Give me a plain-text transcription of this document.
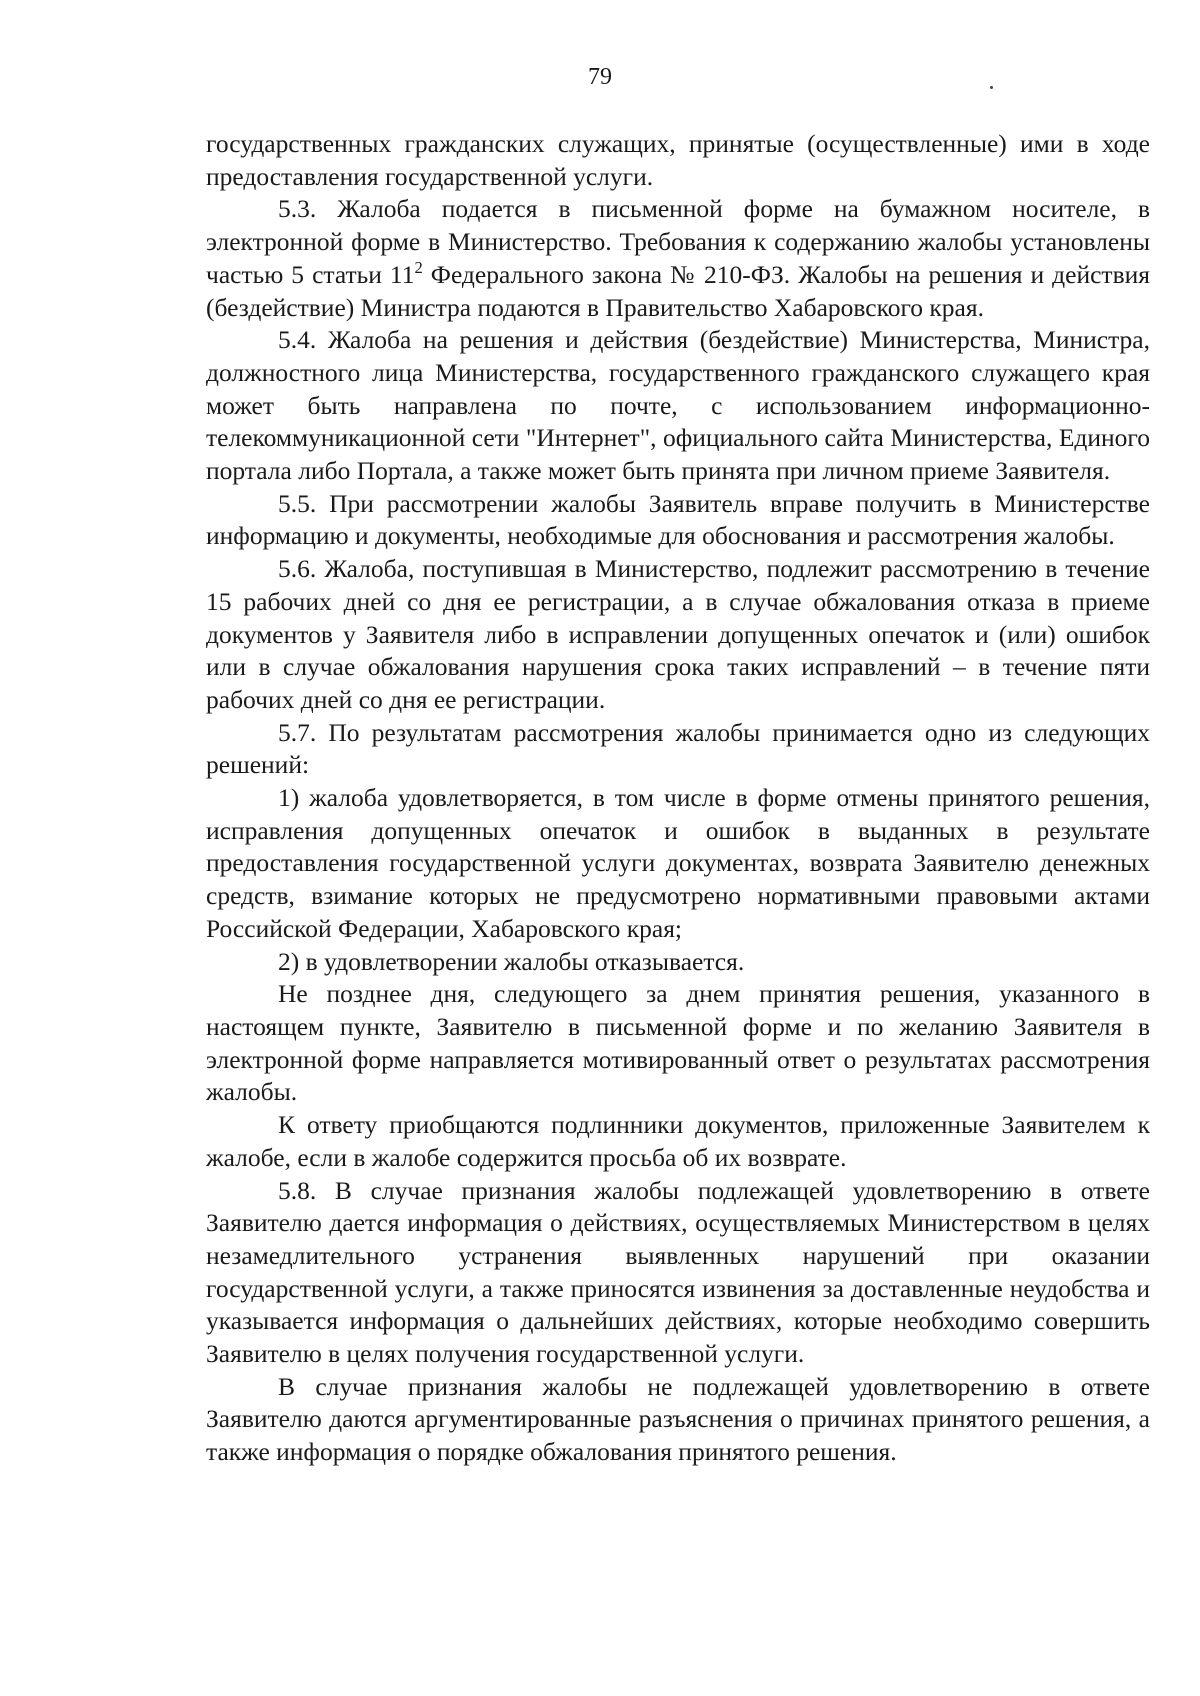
79

государственных гражданских служащих, принятые (осуществленные) ими в ходе предоставления государственной услуги.

5.3. Жалоба подается в письменной форме на бумажном носителе, в электронной форме в Министерство. Требования к содержанию жалобы установлены частью 5 статьи $11^2$ Федерального закона № 210-ФЗ. Жалобы на решения и действия (бездействие) Министра подаются в Правительство Хабаровского края.

5.4. Жалоба на решения и действия (бездействие) Министерства, Министра, должностного лица Министерства, государственного гражданского служащего края может быть направлена по почте, с использованием информационно-телекоммуникационной сети "Интернет", официального сайта Министерства, Единого портала либо Портала, а также может быть принята при личном приеме Заявителя.

5.5. При рассмотрении жалобы Заявитель вправе получить в Министерстве информацию и документы, необходимые для обоснования и рассмотрения жалобы.

5.6. Жалоба, поступившая в Министерство, подлежит рассмотрению в течение 15 рабочих дней со дня ее регистрации, а в случае обжалования отказа в приеме документов у Заявителя либо в исправлении допущенных опечаток и (или) ошибок или в случае обжалования нарушения срока таких исправлений – в течение пяти рабочих дней со дня ее регистрации.

5.7. По результатам рассмотрения жалобы принимается одно из следующих решений:

1) жалоба удовлетворяется, в том числе в форме отмены принятого решения, исправления допущенных опечаток и ошибок в выданных в результате предоставления государственной услуги документах, возврата Заявителю денежных средств, взимание которых не предусмотрено нормативными правовыми актами Российской Федерации, Хабаровского края;

2) в удовлетворении жалобы отказывается.

Не позднее дня, следующего за днем принятия решения, указанного в настоящем пункте, Заявителю в письменной форме и по желанию Заявителя в электронной форме направляется мотивированный ответ о результатах рассмотрения жалобы.

К ответу приобщаются подлинники документов, приложенные Заявителем к жалобе, если в жалобе содержится просьба об их возврате.

5.8. В случае признания жалобы подлежащей удовлетворению в ответе Заявителю дается информация о действиях, осуществляемых Министерством в целях незамедлительного устранения выявленных нарушений при оказании государственной услуги, а также приносятся извинения за доставленные неудобства и указывается информация о дальнейших действиях, которые необходимо совершить Заявителю в целях получения государственной услуги.

В случае признания жалобы не подлежащей удовлетворению в ответе Заявителю даются аргументированные разъяснения о причинах принятого решения, а также информация о порядке обжалования принятого решения.
